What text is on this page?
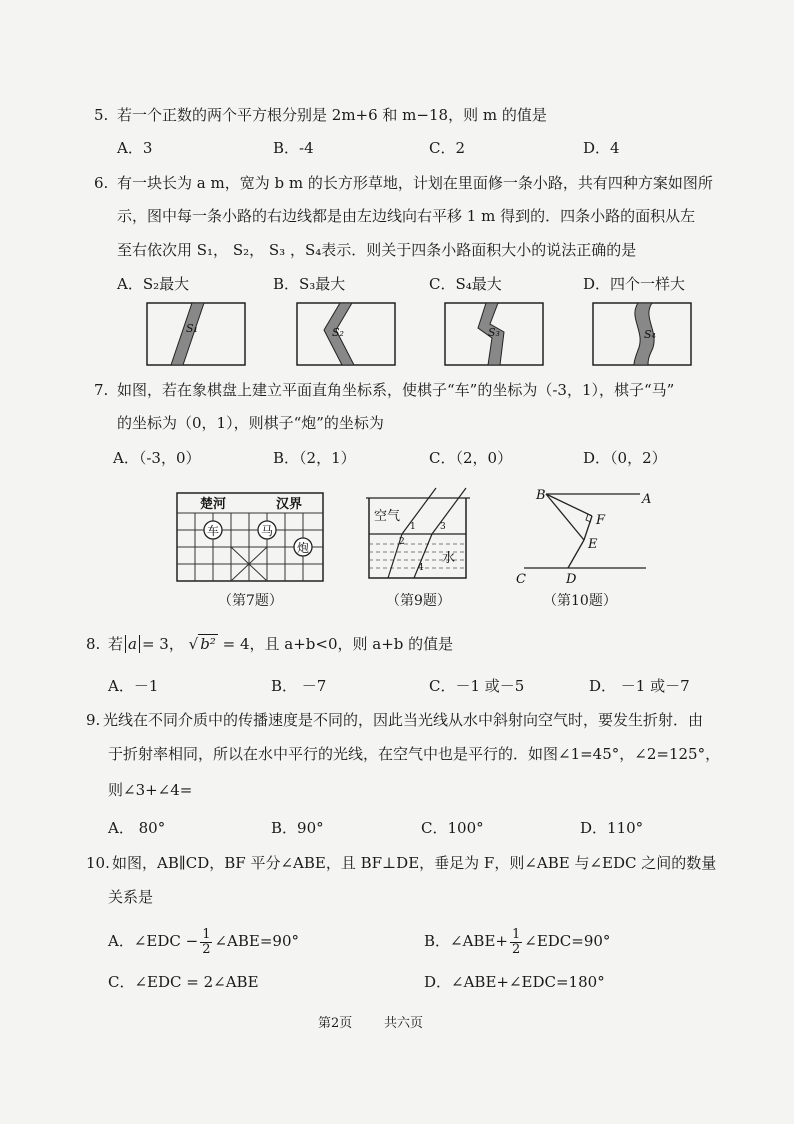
5. 若一个正数的两个平方根分别是 2m+6 和 m−18，则 m 的值是
A．3	B．-4	C．2	D．4
6. 有一块长为 a m，宽为 b m 的长方形草地，计划在里面修一条小路，共有四种方案如图所
示，图中每一条小路的右边线都是由左边线向右平移 1 m 得到的．四条小路的面积从左
至右依次用 S₁， S₂， S₃ ，S₄表示．则关于四条小路面积大小的说法正确的是
A．S₂最大	B．S₃最大	C．S₄最大	D．四个一样大
S₁	S₂	S₃	S₄
7. 如图，若在象棋盘上建立平面直角坐标系，使棋子“车”的坐标为（-3，1），棋子“马”
的坐标为（0，1），则棋子“炮”的坐标为
A．（-3，0）	B．（2，1）	C．（2，0）	D．（0，2）
楚河	汉界
车	马
炮
（第7题）
空气
水
1
2
3
4
（第9题）
B	A
F
E
C	D
（第10题）
8. 若 a = 3， √ b² = 4，且 a+b<0，则 a+b 的值是
A．－1	B． －7	C．－1 或－5	D． －1 或－7
9. 光线在不同介质中的传播速度是不同的，因此当光线从水中斜射向空气时，要发生折射．由
于折射率相同，所以在水中平行的光线，在空气中也是平行的．如图∠1=45°，∠2=125°，
则∠3+∠4=
A． 80°	B．90°	C．100°	D．110°
10. 如图，AB∥CD，BF 平分∠ABE，且 BF⊥DE，垂足为 F，则∠ABE 与∠EDC 之间的数量
关系是
A．∠EDC − $\frac{1}{2}$ ∠ABE=90°	B．∠ABE+ $\frac{1}{2}$ ∠EDC=90°
C．∠EDC = 2∠ABE	D．∠ABE+∠EDC=180°
第2页 共六页
